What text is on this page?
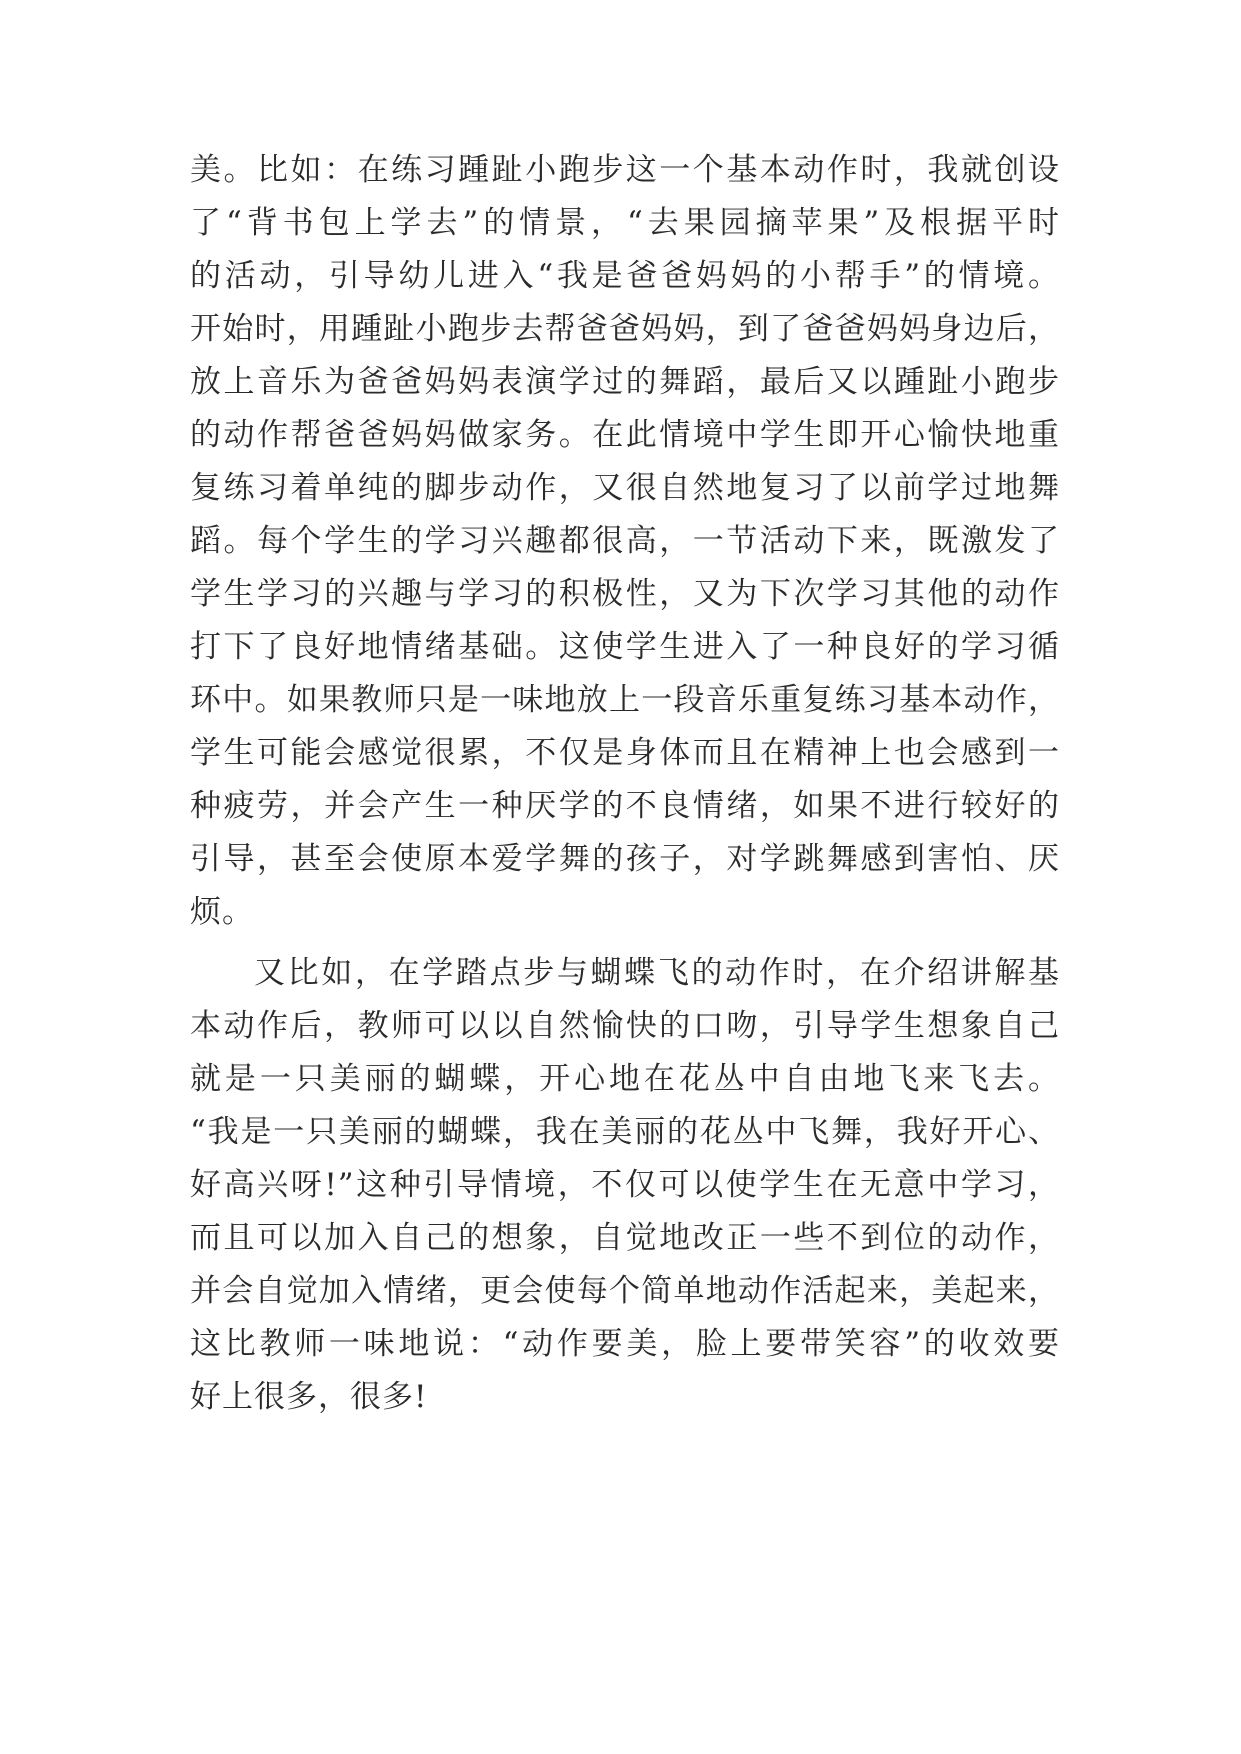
美。比如：在练习踵趾小跑步这一个基本动作时，我就创设
了“背书包上学去”的情景，“去果园摘苹果”及根据平时
的活动，引导幼儿进入“我是爸爸妈妈的小帮手”的情境。
开始时，用踵趾小跑步去帮爸爸妈妈，到了爸爸妈妈身边后，
放上音乐为爸爸妈妈表演学过的舞蹈，最后又以踵趾小跑步
的动作帮爸爸妈妈做家务。在此情境中学生即开心愉快地重
复练习着单纯的脚步动作，又很自然地复习了以前学过地舞
蹈。每个学生的学习兴趣都很高，一节活动下来，既激发了
学生学习的兴趣与学习的积极性，又为下次学习其他的动作
打下了良好地情绪基础。这使学生进入了一种良好的学习循
环中。如果教师只是一味地放上一段音乐重复练习基本动作，
学生可能会感觉很累，不仅是身体而且在精神上也会感到一
种疲劳，并会产生一种厌学的不良情绪，如果不进行较好的
引导，甚至会使原本爱学舞的孩子，对学跳舞感到害怕、厌
烦。
又比如，在学踏点步与蝴蝶飞的动作时，在介绍讲解基
本动作后，教师可以以自然愉快的口吻，引导学生想象自己
就是一只美丽的蝴蝶，开心地在花丛中自由地飞来飞去。
“我是一只美丽的蝴蝶，我在美丽的花丛中飞舞，我好开心、
好高兴呀!”这种引导情境，不仅可以使学生在无意中学习，
而且可以加入自己的想象，自觉地改正一些不到位的动作，
并会自觉加入情绪，更会使每个简单地动作活起来，美起来，
这比教师一味地说：“动作要美，脸上要带笑容”的收效要
好上很多，很多!
